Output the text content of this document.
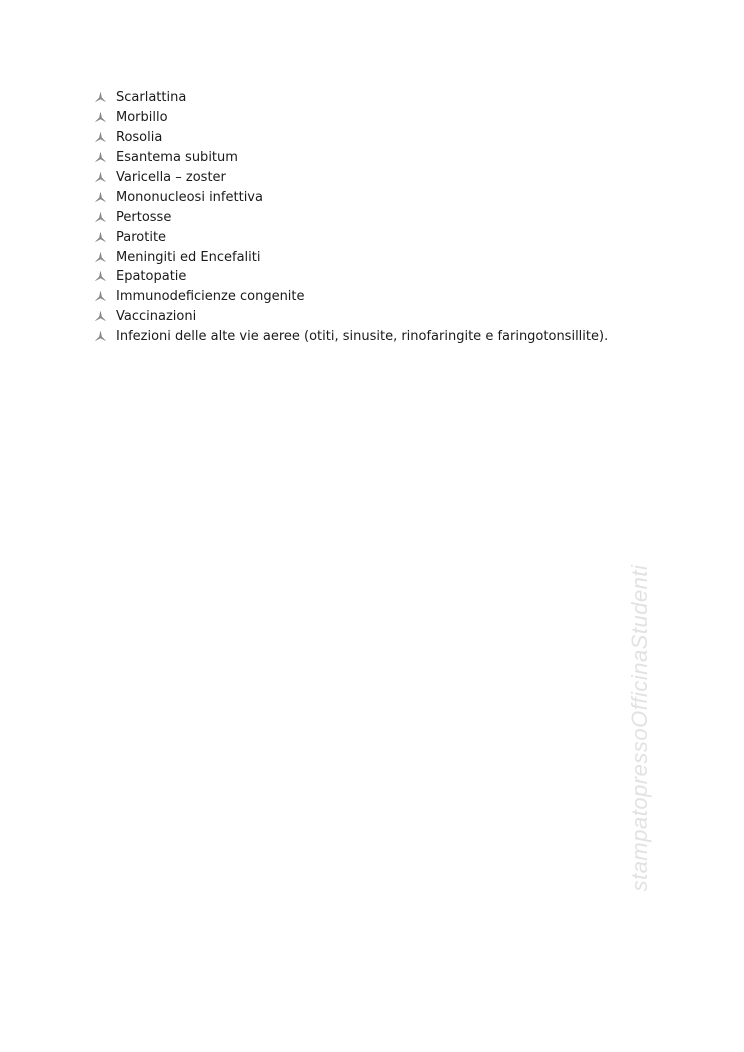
Scarlattina
Morbillo
Rosolia
Esantema subitum
Varicella – zoster
Mononucleosi infettiva
Pertosse
Parotite
Meningiti ed Encefaliti
Epatopatie
Immunodeficienze congenite
Vaccinazioni
Infezioni delle alte vie aeree (otiti, sinusite, rinofaringite e faringotonsillite).
stampatopressoOfficinaStudenti
